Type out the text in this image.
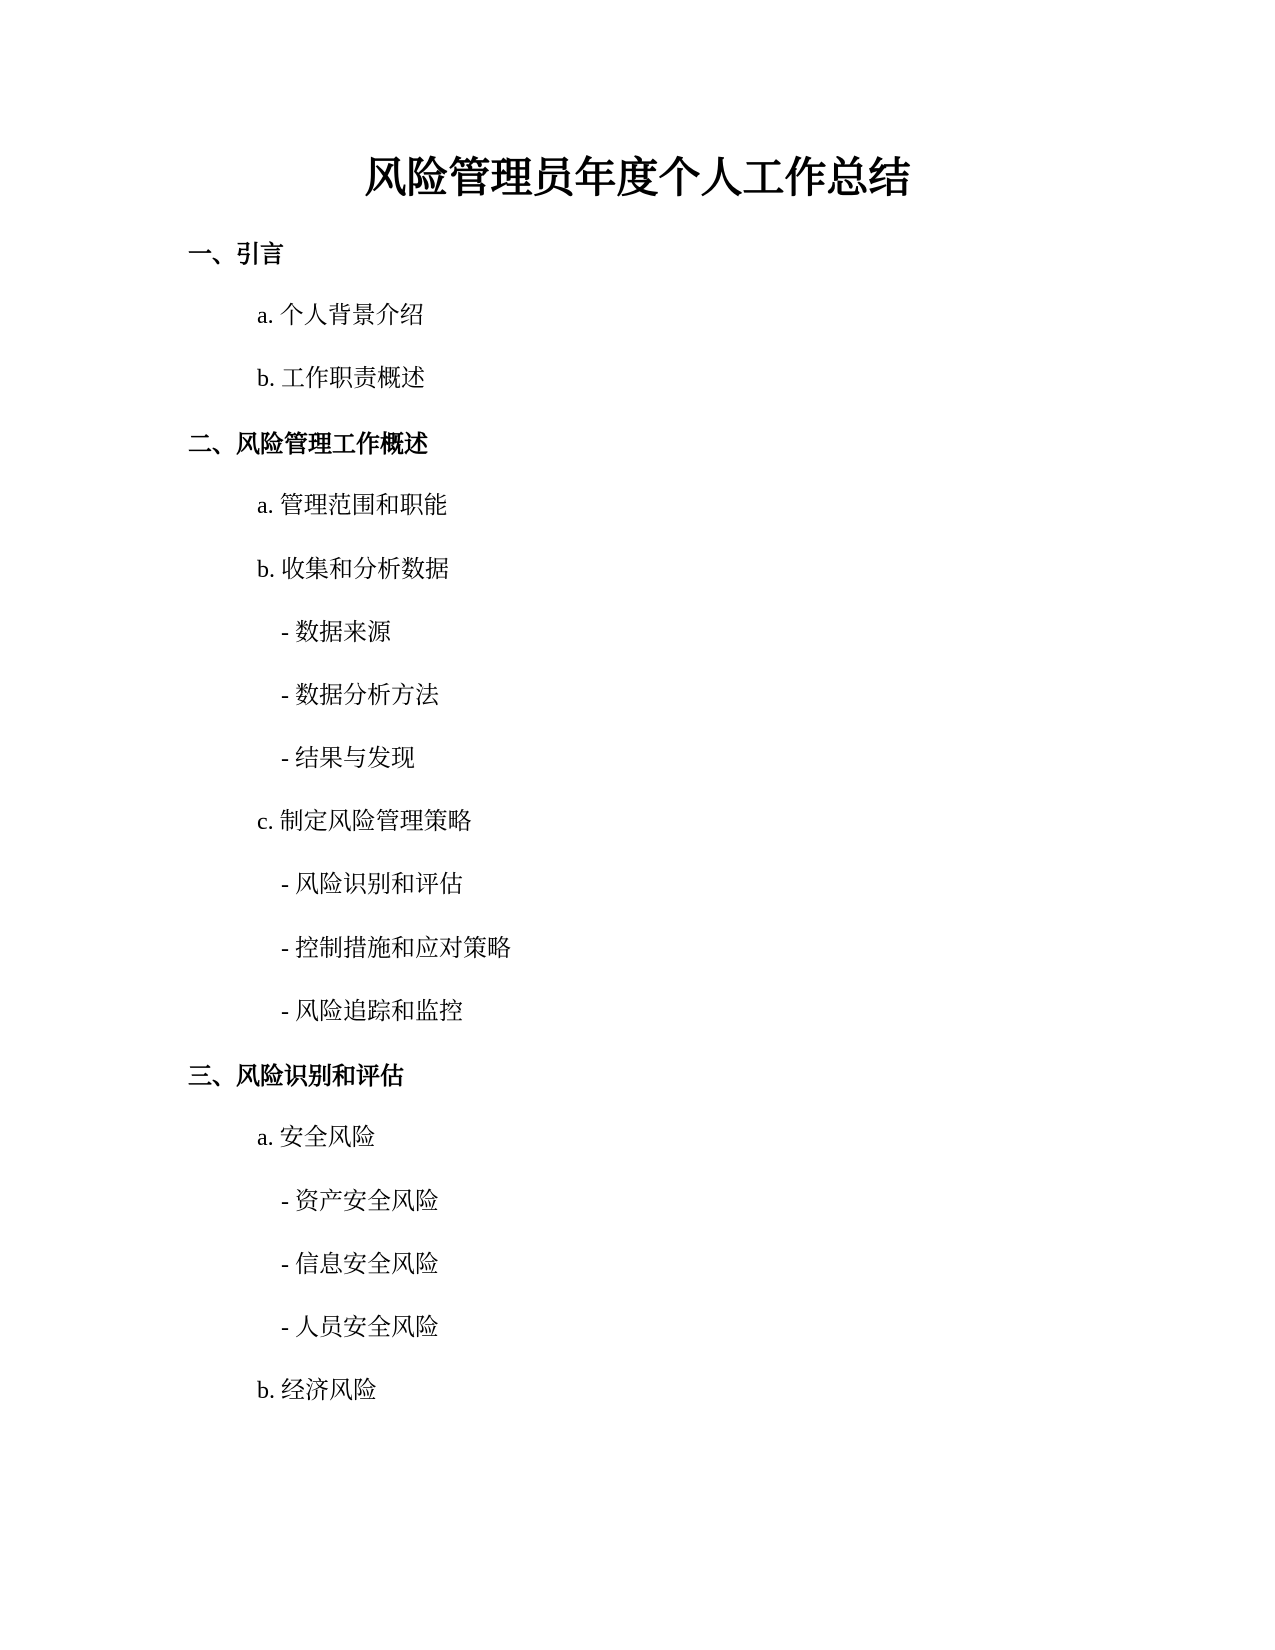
风险管理员年度个人工作总结
一、引言
a. 个人背景介绍
b. 工作职责概述
二、风险管理工作概述
a. 管理范围和职能
b. 收集和分析数据
- 数据来源
- 数据分析方法
- 结果与发现
c. 制定风险管理策略
- 风险识别和评估
- 控制措施和应对策略
- 风险追踪和监控
三、风险识别和评估
a. 安全风险
- 资产安全风险
- 信息安全风险
- 人员安全风险
b. 经济风险
